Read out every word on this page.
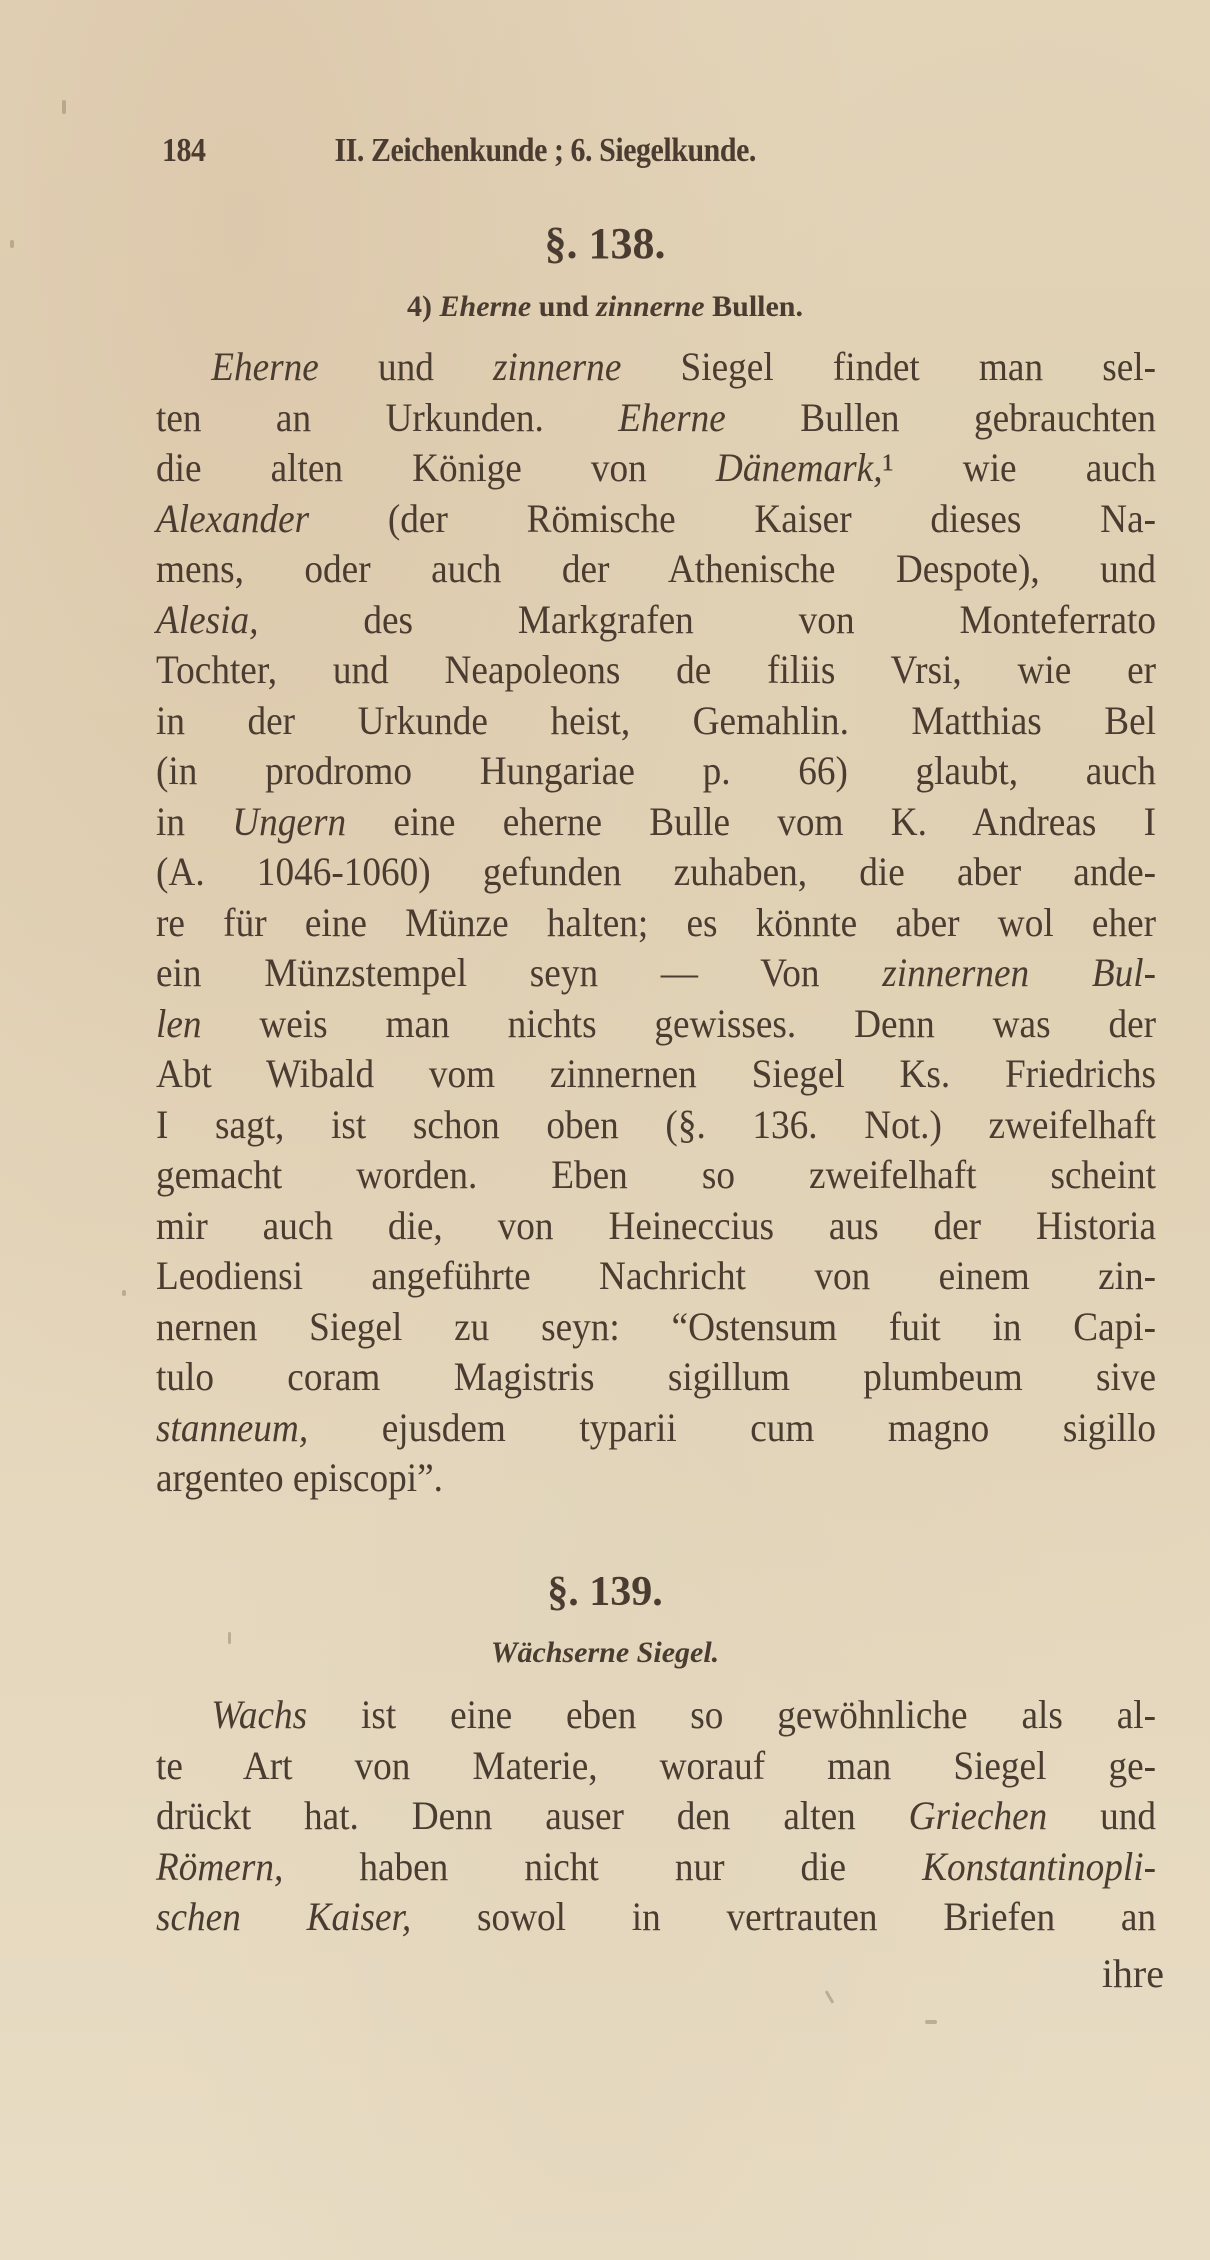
184	II. Zeichenkunde ; 6. Siegelkunde.
§. 138.
4) Eherne und zinnerne Bullen.
Eherne und zinnerne Siegel findet man sel-
ten an Urkunden. Eherne Bullen gebrauchten
die alten Könige von Dänemark,¹ wie auch
Alexander (der Römische Kaiser dieses Na-
mens, oder auch der Athenische Despote), und
Alesia, des Markgrafen von Monteferrato
Tochter, und Neapoleons de filiis Vrsi, wie er
in der Urkunde heist, Gemahlin. Matthias Bel
(in prodromo Hungariae p. 66) glaubt, auch
in Ungern eine eherne Bulle vom K. Andreas I
(A. 1046-1060) gefunden zuhaben, die aber ande-
re für eine Münze halten; es könnte aber wol eher
ein Münzstempel seyn — Von zinnernen Bul-
len weis man nichts gewisses. Denn was der
Abt Wibald vom zinnernen Siegel Ks. Friedrichs
I sagt, ist schon oben (§. 136. Not.) zweifelhaft
gemacht worden. Eben so zweifelhaft scheint
mir auch die, von Heineccius aus der Historia
Leodiensi angeführte Nachricht von einem zin-
nernen Siegel zu seyn: “Ostensum fuit in Capi-
tulo coram Magistris sigillum plumbeum sive
stanneum, ejusdem typarii cum magno sigillo
argenteo episcopi”.
§. 139.
Wächserne Siegel.
Wachs ist eine eben so gewöhnliche als al-
te Art von Materie, worauf man Siegel ge-
drückt hat. Denn auser den alten Griechen und
Römern, haben nicht nur die Konstantinopli-
schen Kaiser, sowol in vertrauten Briefen an
ihre
